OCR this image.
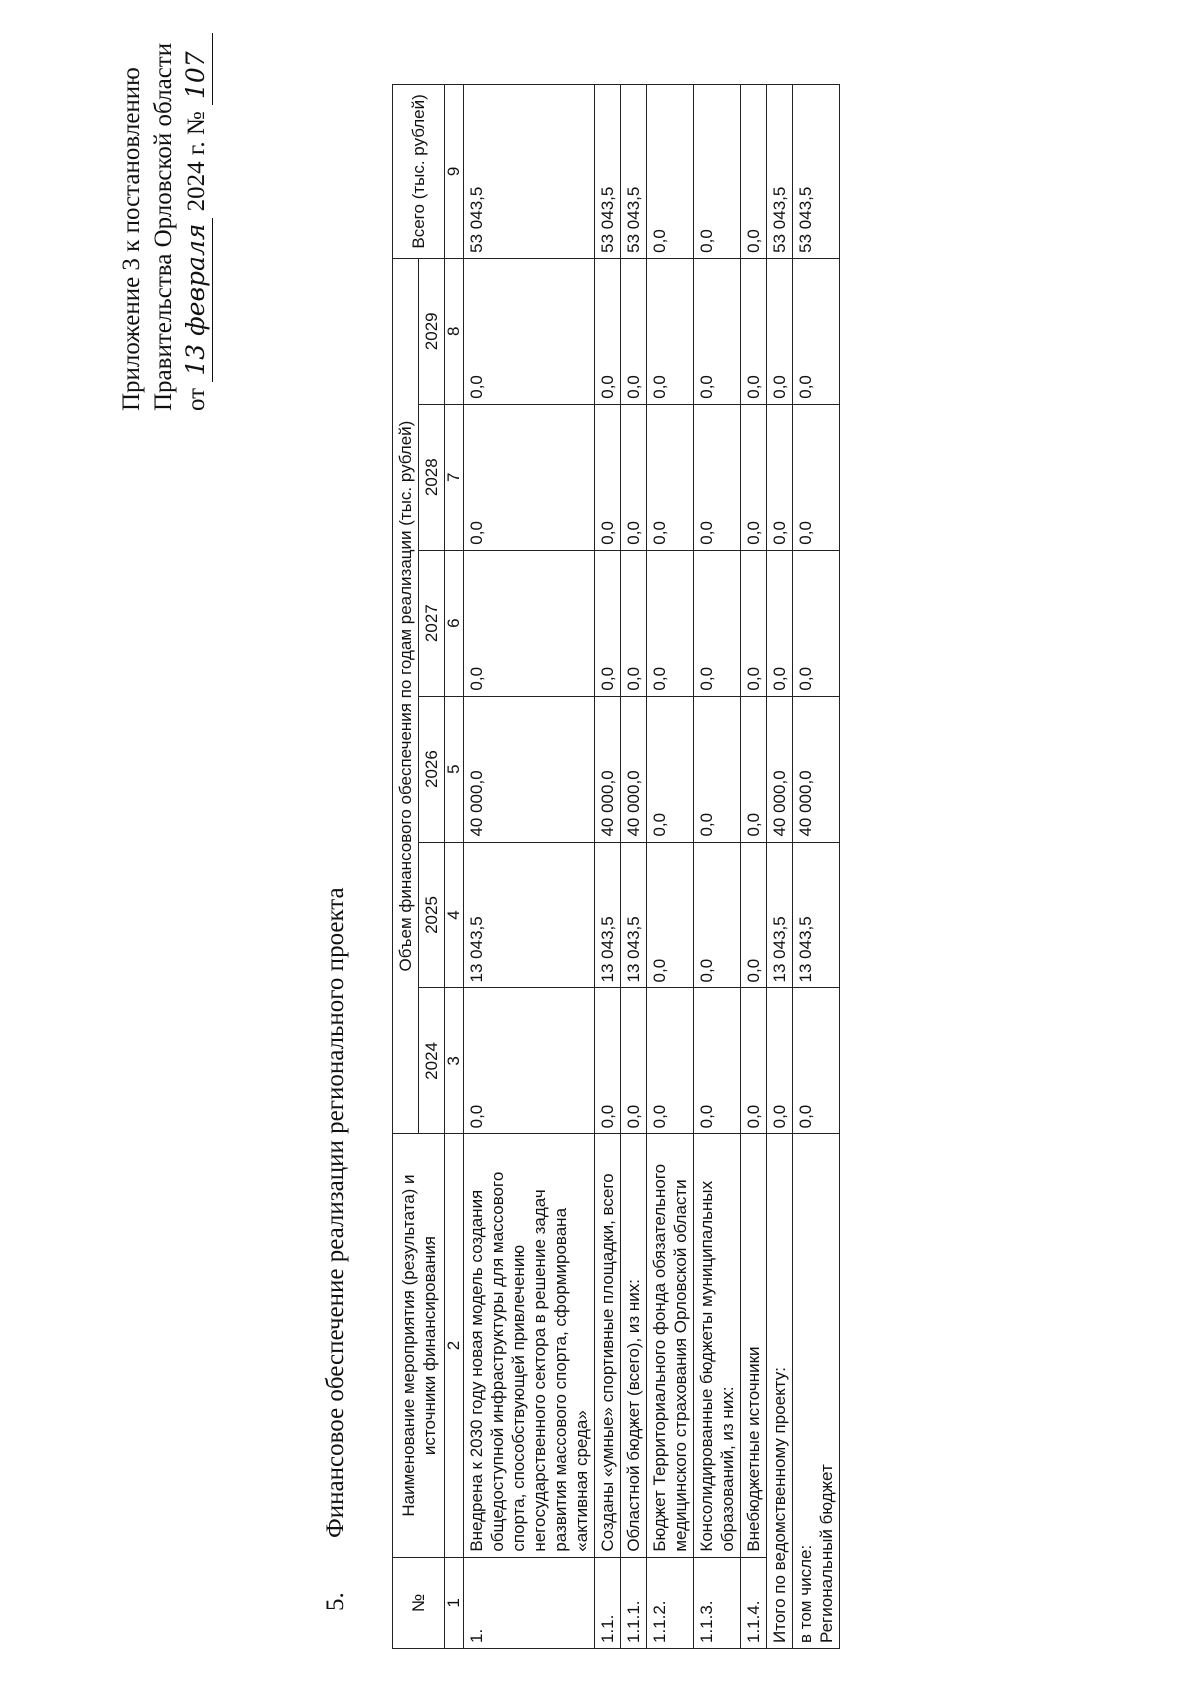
Приложение 3 к постановлению Правительства Орловской области от 13 февраля 2024 г. № 107
5. Финансовое обеспечение реализации регионального проекта
№	Наименование мероприятия (результата) и источники финансирования	Объем финансового обеспечения по годам реализации (тыс. рублей)						Всего (тыс. рублей)
		2024	2025	2026	2027	2028	2029	
1	2	3	4	5	6	7	8	9
1.	Внедрена к 2030 году новая модель создания общедоступной инфраструктуры для массового спорта, способствующей привлечению негосударственного сектора в решение задач развития массового спорта, сформирована «активная среда»	0,0	13 043,5	40 000,0	0,0	0,0	0,0	53 043,5
1.1.	Созданы «умные» спортивные площадки, всего	0,0	13 043,5	40 000,0	0,0	0,0	0,0	53 043,5
1.1.1.	Областной бюджет (всего), из них:	0,0	13 043,5	40 000,0	0,0	0,0	0,0	53 043,5
1.1.2.	Бюджет Территориального фонда обязательного медицинского страхования Орловской области	0,0	0,0	0,0	0,0	0,0	0,0	0,0
1.1.3.	Консолидированные бюджеты муниципальных образований, из них:	0,0	0,0	0,0	0,0	0,0	0,0	0,0
1.1.4.	Внебюджетные источники	0,0	0,0	0,0	0,0	0,0	0,0	0,0
Итого по ведомственному проекту:		0,0	13 043,5	40 000,0	0,0	0,0	0,0	53 043,5

в том числе: Региональный бюджет		0,0	13 043,5	40 000,0	0,0	0,0	0,0	53 043,5
